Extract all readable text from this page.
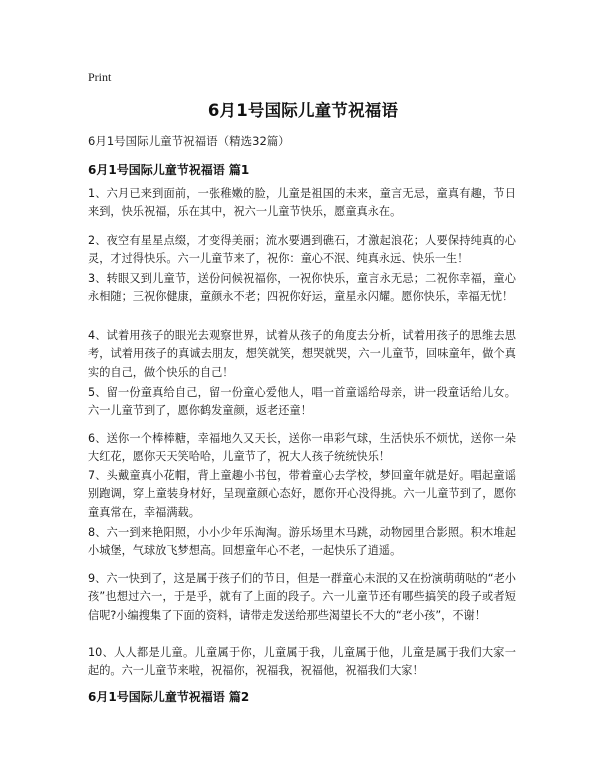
Print
6月1号国际儿童节祝福语
6月1号国际儿童节祝福语（精选32篇）
6月1号国际儿童节祝福语 篇1
1、六月已来到面前，一张稚嫩的脸，儿童是祖国的未来，童言无忌，童真有趣，节日来到，快乐祝福，乐在其中，祝六一儿童节快乐，愿童真永在。
2、夜空有星星点缀，才变得美丽；流水要遇到礁石，才激起浪花；人要保持纯真的心灵，才过得快乐。六一儿童节来了，祝你：童心不泯、纯真永远、快乐一生！
3、转眼又到儿童节，送份问候祝福你，一祝你快乐，童言永无忌；二祝你幸福，童心永相随；三祝你健康，童颜永不老；四祝你好运，童星永闪耀。愿你快乐，幸福无忧！
4、试着用孩子的眼光去观察世界，试着从孩子的角度去分析，试着用孩子的思维去思考，试着用孩子的真诚去朋友，想笑就笑，想哭就哭，六一儿童节，回味童年，做个真实的自己，做个快乐的自己！
5、留一份童真给自己，留一份童心爱他人，唱一首童谣给母亲，讲一段童话给儿女。六一儿童节到了，愿你鹤发童颜，返老还童！
6、送你一个棒棒糖，幸福地久又天长，送你一串彩气球，生活快乐不烦忧，送你一朵大红花，愿你天天笑哈哈，儿童节了，祝大人孩子统统快乐！
7、头戴童真小花帽，背上童趣小书包，带着童心去学校，梦回童年就是好。唱起童谣别跑调，穿上童装身材好，呈现童颜心态好，愿你开心没得挑。六一儿童节到了，愿你童真常在，幸福满载。
8、六一到来艳阳照，小小少年乐淘淘。游乐场里木马跳，动物园里合影照。积木堆起小城堡，气球放飞梦想高。回想童年心不老，一起快乐了逍遥。
9、六一快到了，这是属于孩子们的节日，但是一群童心未泯的又在扮演萌萌哒的“老小孩”也想过六一，于是乎，就有了上面的段子。六一儿童节还有哪些搞笑的段子或者短信呢?小编搜集了下面的资料，请带走发送给那些渴望长不大的“老小孩”，不谢！
10、人人都是儿童。儿童属于你，儿童属于我，儿童属于他，儿童是属于我们大家一起的。六一儿童节来啦，祝福你，祝福我，祝福他，祝福我们大家！
6月1号国际儿童节祝福语 篇2
